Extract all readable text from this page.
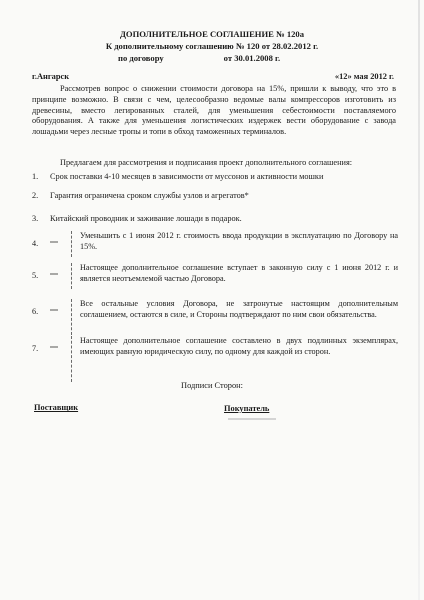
ДОПОЛНИТЕЛЬНОЕ СОГЛАШЕНИЕ № 120а
К дополнительному соглашению № 120 от 28.02.2012 г.
по договору	от 30.01.2008 г.
г.Ангарск	«12» мая 2012 г.
Рассмотрев вопрос о снижении стоимости договора на 15%, пришли к выводу, что это в принципе возможно. В связи с чем, целесообразно ведомые валы компрессоров изготовить из древесины, вместо легированных сталей, для уменьшения себестоимости поставляемого оборудования. А также для уменьшения логистических издержек вести оборудование с завода лошадьми через лесные тропы и топи в обход таможенных терминалов.
Предлагаем для рассмотрения и подписания проект дополнительного соглашения:
1. Срок поставки 4-10 месяцев в зависимости от муссонов и активности мошки
2. Гарантия ограничена сроком службы узлов и агрегатов*
3. Китайский проводник и заживание лошади в подарок.
4.
Уменьшить с 1 июня 2012 г. стоимость ввода продукции в эксплуатацию по Договору на 15%.
5.
Настоящее дополнительное соглашение вступает в законную силу с 1 июня 2012 г. и является неотъемлемой частью Договора.
6.
Все остальные условия Договора, не затронутые настоящим дополнительным соглашением, остаются в силе, и Стороны подтверждают по ним свои обязательства.
7.
Настоящее дополнительное соглашение составлено в двух подлинных экземплярах, имеющих равную юридическую силу, по одному для каждой из сторон.
Подписи Сторон:
Поставщик	Покупатель
